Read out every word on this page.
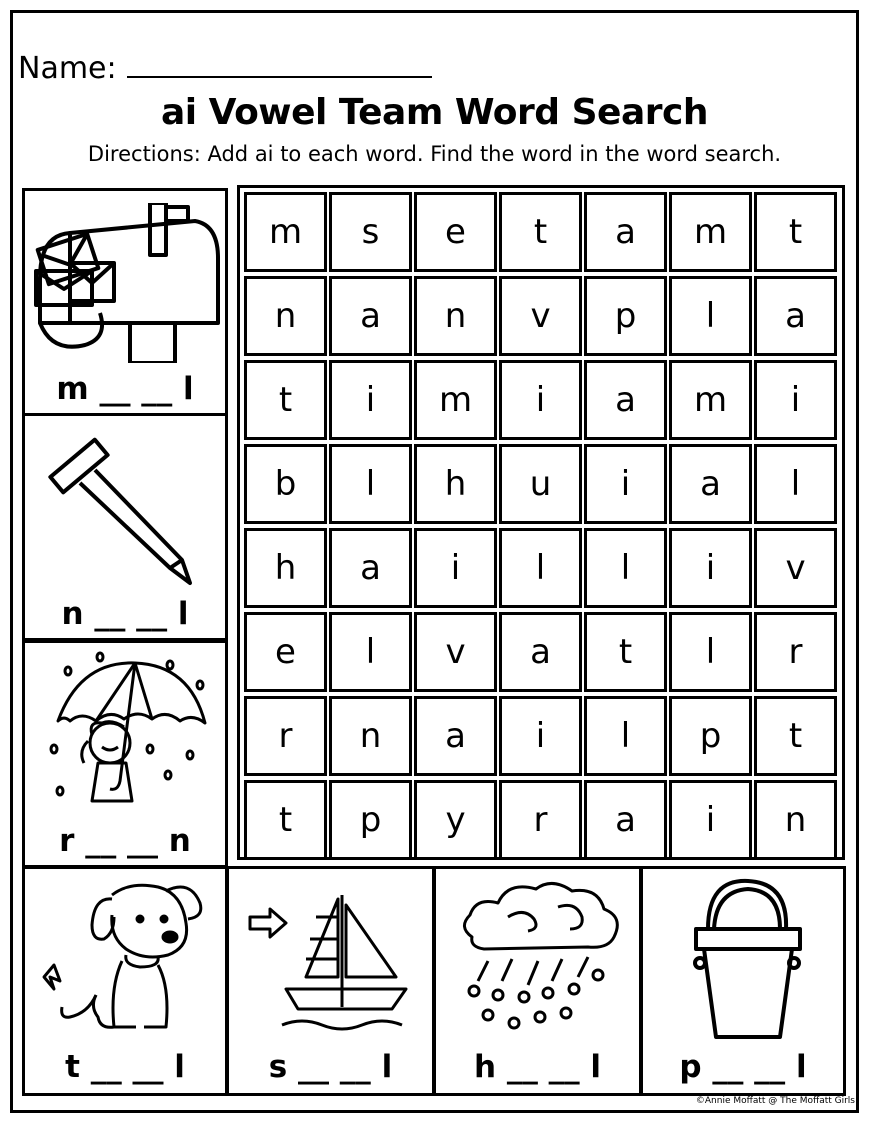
Name:
ai Vowel Team Word Search
Directions: Add ai to each word. Find the word in the word search.
m __ __ l
n __ __ l
r __ __ n
m	s	e	t	a	m	t
n	a	n	v	p	l	a
t	i	m	i	a	m	i
b	l	h	u	i	a	l
h	a	i	l	l	i	v
e	l	v	a	t	l	r
r	n	a	i	l	p	t
t	p	y	r	a	i	n
t __ __ l	s __ __ l	h __ __ l	p __ __ l
©Annie Moffatt @ The Moffatt Girls
